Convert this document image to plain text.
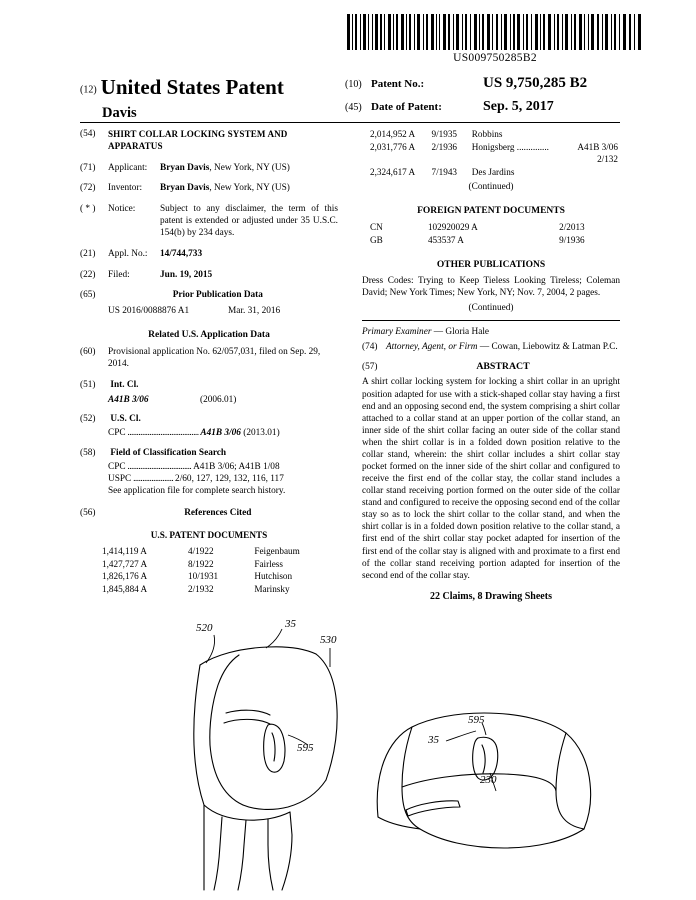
US009750285B2
(12) United States Patent
Davis
(10) Patent No.:	US 9,750,285 B2
(45) Date of Patent:	Sep. 5, 2017
(54)	SHIRT COLLAR LOCKING SYSTEM AND APPARATUS
(71)	Applicant: Bryan Davis, New York, NY (US)
(72)	Inventor: Bryan Davis, New York, NY (US)
( * )	Notice:	Subject to any disclaimer, the term of this patent is extended or adjusted under 35 U.S.C. 154(b) by 234 days.
(21)	Appl. No.: 14/744,733
(22)	Filed:	Jun. 19, 2015
(65)	Prior Publication Data
US 2016/0088876 A1	Mar. 31, 2016
Related U.S. Application Data
(60)	Provisional application No. 62/057,031, filed on Sep. 29, 2014.
(51) Int. Cl.
A41B 3/06	(2006.01)
(52) U.S. Cl.
CPC ....................................... A41B 3/06 (2013.01)
(58) Field of Classification Search
CPC ................................... A41B 3/06; A41B 1/08
USPC ...................... 2/60, 127, 129, 132, 116, 117
See application file for complete search history.
(56)	References Cited
U.S. PATENT DOCUMENTS
1,414,119 A	4/1922	Feigenbaum
1,427,727 A	8/1922	Fairless
1,826,176 A	10/1931	Hutchison
1,845,884 A	2/1932	Marinsky
2,014,952 A	9/1935	Robbins	
2,031,776 A	2/1936	Honigsberg ..............	A41B 3/06
			2/132
2,324,617 A	7/1943	Des Jardins	
(Continued)
FOREIGN PATENT DOCUMENTS
CN	102920029 A	2/2013
GB	453537 A	9/1936
OTHER PUBLICATIONS
Dress Codes: Trying to Keep Tieless Looking Tireless; Coleman David; New York Times; New York, NY; Nov. 7, 2004, 2 pages.
(Continued)
Primary Examiner — Gloria Hale
(74) Attorney, Agent, or Firm — Cowan, Liebowitz & Latman P.C.
(57)	ABSTRACT
A shirt collar locking system for locking a shirt collar in an upright position adapted for use with a stick-shaped collar stay having a first end and an opposing second end, the system comprising a shirt collar attached to a collar stand at an upper portion of the collar stand, an inner side of the shirt collar facing an outer side of the collar stand when the shirt collar is in a folded down position relative to the collar stand, wherein: the shirt collar includes a shirt collar stay pocket formed on the inner side of the shirt collar and configured to receive the first end of the collar stay, the collar stand includes a collar stand receiving portion formed on the outer side of the collar stand and configured to receive the opposing second end of the collar stay so as to lock the shirt collar to the collar stand, and when the shirt collar is in a folded down position relative to the collar stand, a first end of the shirt collar stay pocket adapted for insertion of the first end of the collar stay is aligned with and proximate to a first end of the collar stand receiving portion adapted for insertion of the second end of the collar stay.
22 Claims, 8 Drawing Sheets
520	35
530
595
35
595
230
